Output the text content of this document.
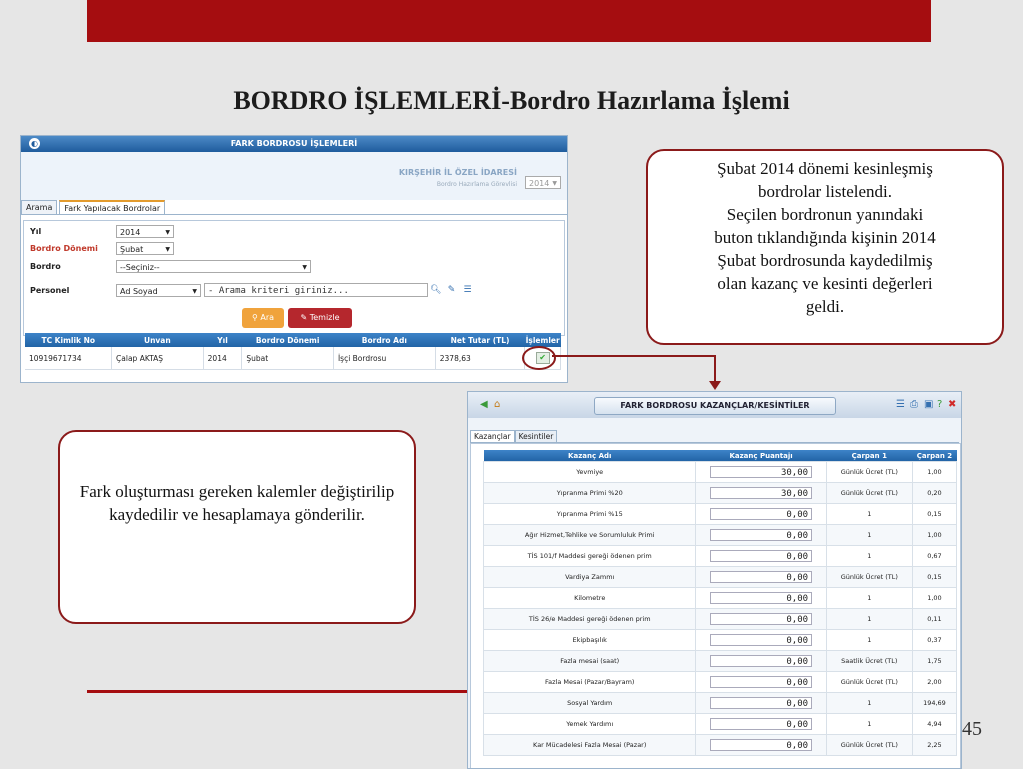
BORDRO İŞLEMLERİ-Bordro Hazırlama İşlemi
◐	FARK BORDROSU İŞLEMLERİ
KIRŞEHİR İL ÖZEL İDARESİ
Bordro Hazırlama Görevlisi	2014 ▼
Arama Fark Yapılacak Bordrolar
Yıl	2014 ▼
Bordro Dönemi	Şubat ▼
Bordro	--Seçiniz-- ▼
Personel	Ad Soyad ▼	- Arama kriteri giriniz...	🔍︎ ✎ ☰
⚲ Ara	✎ Temizle
TC Kimlik No	Unvan	Yıl	Bordro Dönemi	Bordro Adı	Net Tutar (TL)	İşlemler
10919671734	Çalap AKTAŞ	2014	Şubat	İşçi Bordrosu	2378,63	✔
Şubat 2014 dönemi kesinleşmiş
bordrolar listelendi.
Seçilen bordronun yanındaki
buton tıklandığında kişinin 2014
Şubat bordrosunda kaydedilmiş
olan kazanç ve kesinti değerleri
geldi.
Fark oluşturması gereken kalemler değiştirilip kaydedilir ve hesaplamaya gönderilir.
◀ ⌂	FARK BORDROSU KAZANÇLAR/KESİNTİLER	☰ ⎙ ▣ ? ✖
Kazançlar Kesintiler
Kazanç Adı	Kazanç Puantajı	Çarpan 1	Çarpan 2
Yevmiye	30,00	Günlük Ücret (TL)	1,00
Yıpranma Primi %20	30,00	Günlük Ücret (TL)	0,20
Yıpranma Primi %15	0,00	1	0,15
Ağır Hizmet,Tehlike ve Sorumluluk Primi	0,00	1	1,00
TİS 101/f Maddesi gereği ödenen prim	0,00	1	0,67
Vardiya Zammı	0,00	Günlük Ücret (TL)	0,15
Kilometre	0,00	1	1,00
TİS 26/e Maddesi gereği ödenen prim	0,00	1	0,11
Ekipbaşılık	0,00	1	0,37
Fazla mesai (saat)	0,00	Saatlik Ücret (TL)	1,75
Fazla Mesai (Pazar/Bayram)	0,00	Günlük Ücret (TL)	2,00
Sosyal Yardım	0,00	1	194,69
Yemek Yardımı	0,00	1	4,94
Kar Mücadelesi Fazla Mesai (Pazar)	0,00	Günlük Ücret (TL)	2,25
45
